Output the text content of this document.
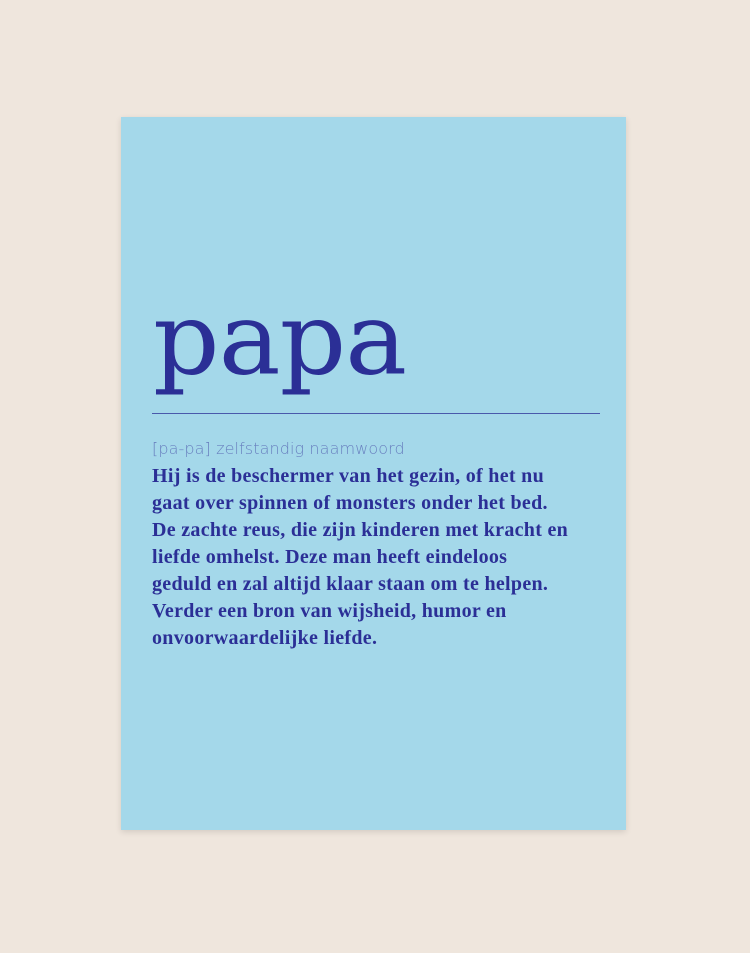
papa
[pa-pa] zelfstandig naamwoord

Hij is de beschermer van het gezin, of het nu
gaat over spinnen of monsters onder het bed.
De zachte reus, die zijn kinderen met kracht en
liefde omhelst. Deze man heeft eindeloos
geduld en zal altijd klaar staan om te helpen.
Verder een bron van wijsheid, humor en
onvoorwaardelijke liefde.
